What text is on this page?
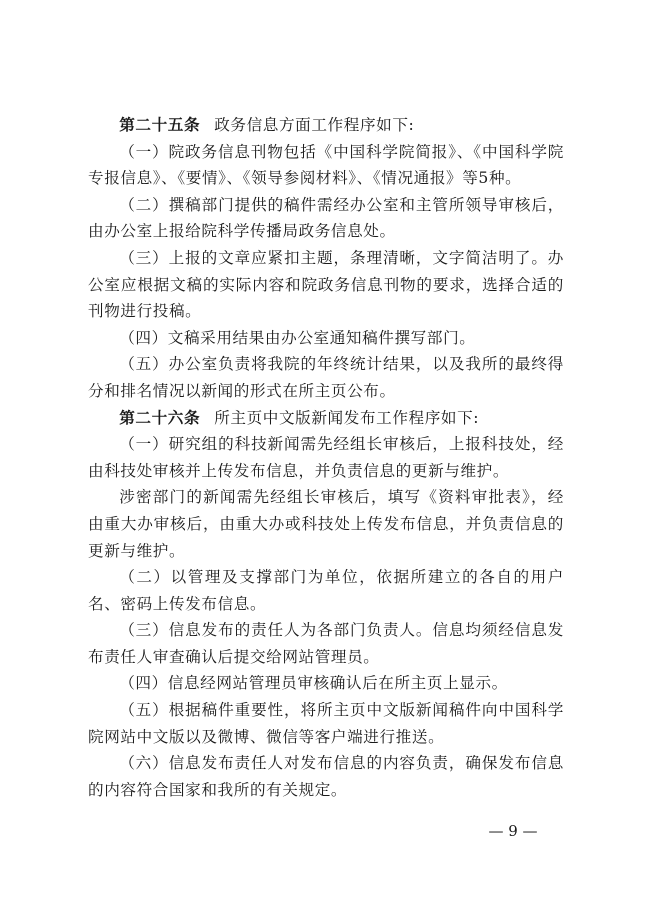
第二十五条 政务信息方面工作程序如下:

（一）院政务信息刊物包括《中国科学院简报》、《中国科学院专报信息》、《要情》、《领导参阅材料》、《情况通报》等5种。

（二）撰稿部门提供的稿件需经办公室和主管所领导审核后，由办公室上报给院科学传播局政务信息处。

（三）上报的文章应紧扣主题，条理清晰，文字简洁明了。办公室应根据文稿的实际内容和院政务信息刊物的要求，选择合适的刊物进行投稿。

（四）文稿采用结果由办公室通知稿件撰写部门。

（五）办公室负责将我院的年终统计结果，以及我所的最终得分和排名情况以新闻的形式在所主页公布。

第二十六条 所主页中文版新闻发布工作程序如下:

（一）研究组的科技新闻需先经组长审核后，上报科技处，经由科技处审核并上传发布信息，并负责信息的更新与维护。

涉密部门的新闻需先经组长审核后，填写《资料审批表》，经由重大办审核后，由重大办或科技处上传发布信息，并负责信息的更新与维护。

（二）以管理及支撑部门为单位，依据所建立的各自的用户名、密码上传发布信息。

（三）信息发布的责任人为各部门负责人。信息均须经信息发布责任人审查确认后提交给网站管理员。

（四）信息经网站管理员审核确认后在所主页上显示。

（五）根据稿件重要性，将所主页中文版新闻稿件向中国科学院网站中文版以及微博、微信等客户端进行推送。

（六）信息发布责任人对发布信息的内容负责，确保发布信息的内容符合国家和我所的有关规定。

— 9 —
